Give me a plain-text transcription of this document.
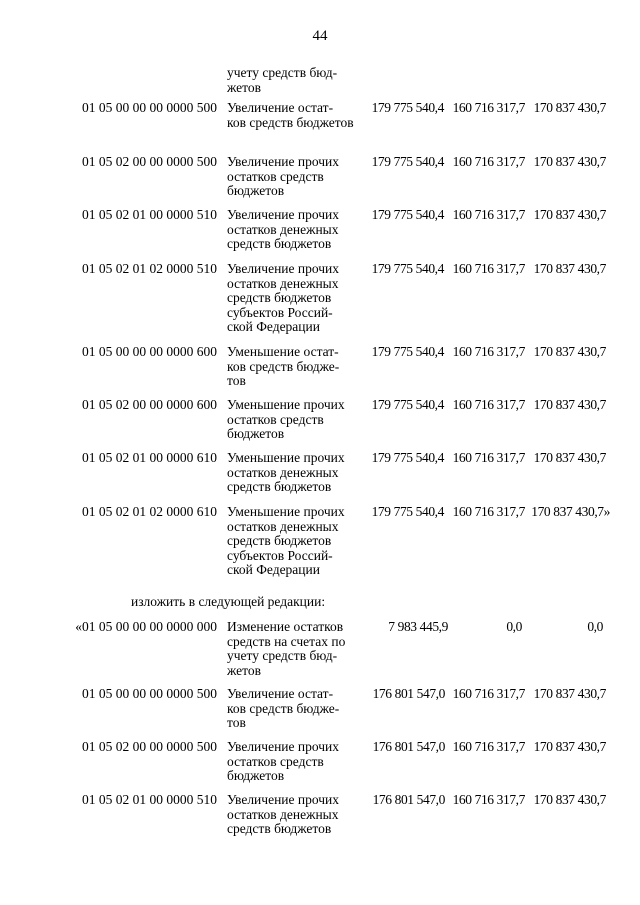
44
учету средств бюд-
жетов
01 05 00 00 00 0000 500 Увеличение остат-
ков средств бюджетов
179 775 540,4 160 716 317,7 170 837 430,7
01 05 02 00 00 0000 500 Увеличение прочих
остатков средств
бюджетов
179 775 540,4 160 716 317,7 170 837 430,7
01 05 02 01 00 0000 510 Увеличение прочих
остатков денежных
средств бюджетов
179 775 540,4 160 716 317,7 170 837 430,7
01 05 02 01 02 0000 510 Увеличение прочих
остатков денежных
средств бюджетов
субъектов Россий-
ской Федерации
179 775 540,4 160 716 317,7 170 837 430,7
01 05 00 00 00 0000 600 Уменьшение остат-
ков средств бюдже-
тов
179 775 540,4 160 716 317,7 170 837 430,7
01 05 02 00 00 0000 600 Уменьшение прочих
остатков средств
бюджетов
179 775 540,4 160 716 317,7 170 837 430,7
01 05 02 01 00 0000 610 Уменьшение прочих
остатков денежных
средств бюджетов
179 775 540,4 160 716 317,7 170 837 430,7
01 05 02 01 02 0000 610 Уменьшение прочих
остатков денежных
средств бюджетов
субъектов Россий-
ской Федерации
179 775 540,4 160 716 317,7 170 837 430,7»
«01 05 00 00 00 0000 000 Изменение остатков
средств на счетах по
учету средств бюд-
жетов
7 983 445,9	0,0	0,0
01 05 00 00 00 0000 500 Увеличение остат-
ков средств бюдже-
тов
176 801 547,0 160 716 317,7 170 837 430,7
01 05 02 00 00 0000 500 Увеличение прочих
остатков средств
бюджетов
176 801 547,0 160 716 317,7 170 837 430,7
01 05 02 01 00 0000 510 Увеличение прочих
остатков денежных
средств бюджетов
176 801 547,0 160 716 317,7 170 837 430,7
изложить в следующей редакции:
